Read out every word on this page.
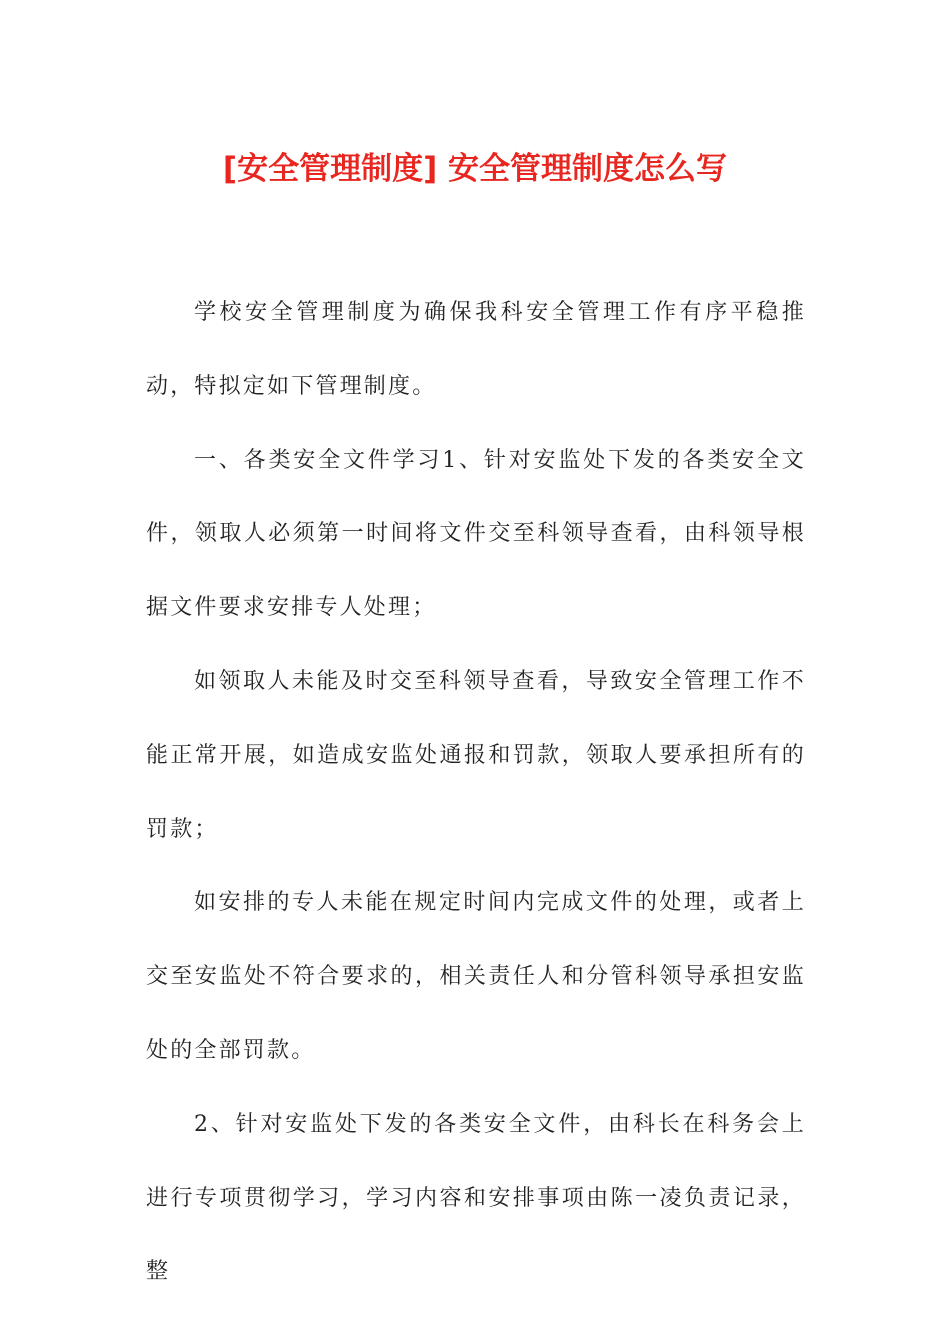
[安全管理制度] 安全管理制度怎么写

学校安全管理制度为确保我科安全管理工作有序平稳推动，特拟定如下管理制度。

一、各类安全文件学习1、针对安监处下发的各类安全文件，领取人必须第一时间将文件交至科领导查看，由科领导根据文件要求安排专人处理；

如领取人未能及时交至科领导查看，导致安全管理工作不能正常开展，如造成安监处通报和罚款，领取人要承担所有的罚款；

如安排的专人未能在规定时间内完成文件的处理，或者上交至安监处不符合要求的，相关责任人和分管科领导承担安监处的全部罚款。

2、针对安监处下发的各类安全文件，由科长在科务会上进行专项贯彻学习，学习内容和安排事项由陈一凌负责记录，整
